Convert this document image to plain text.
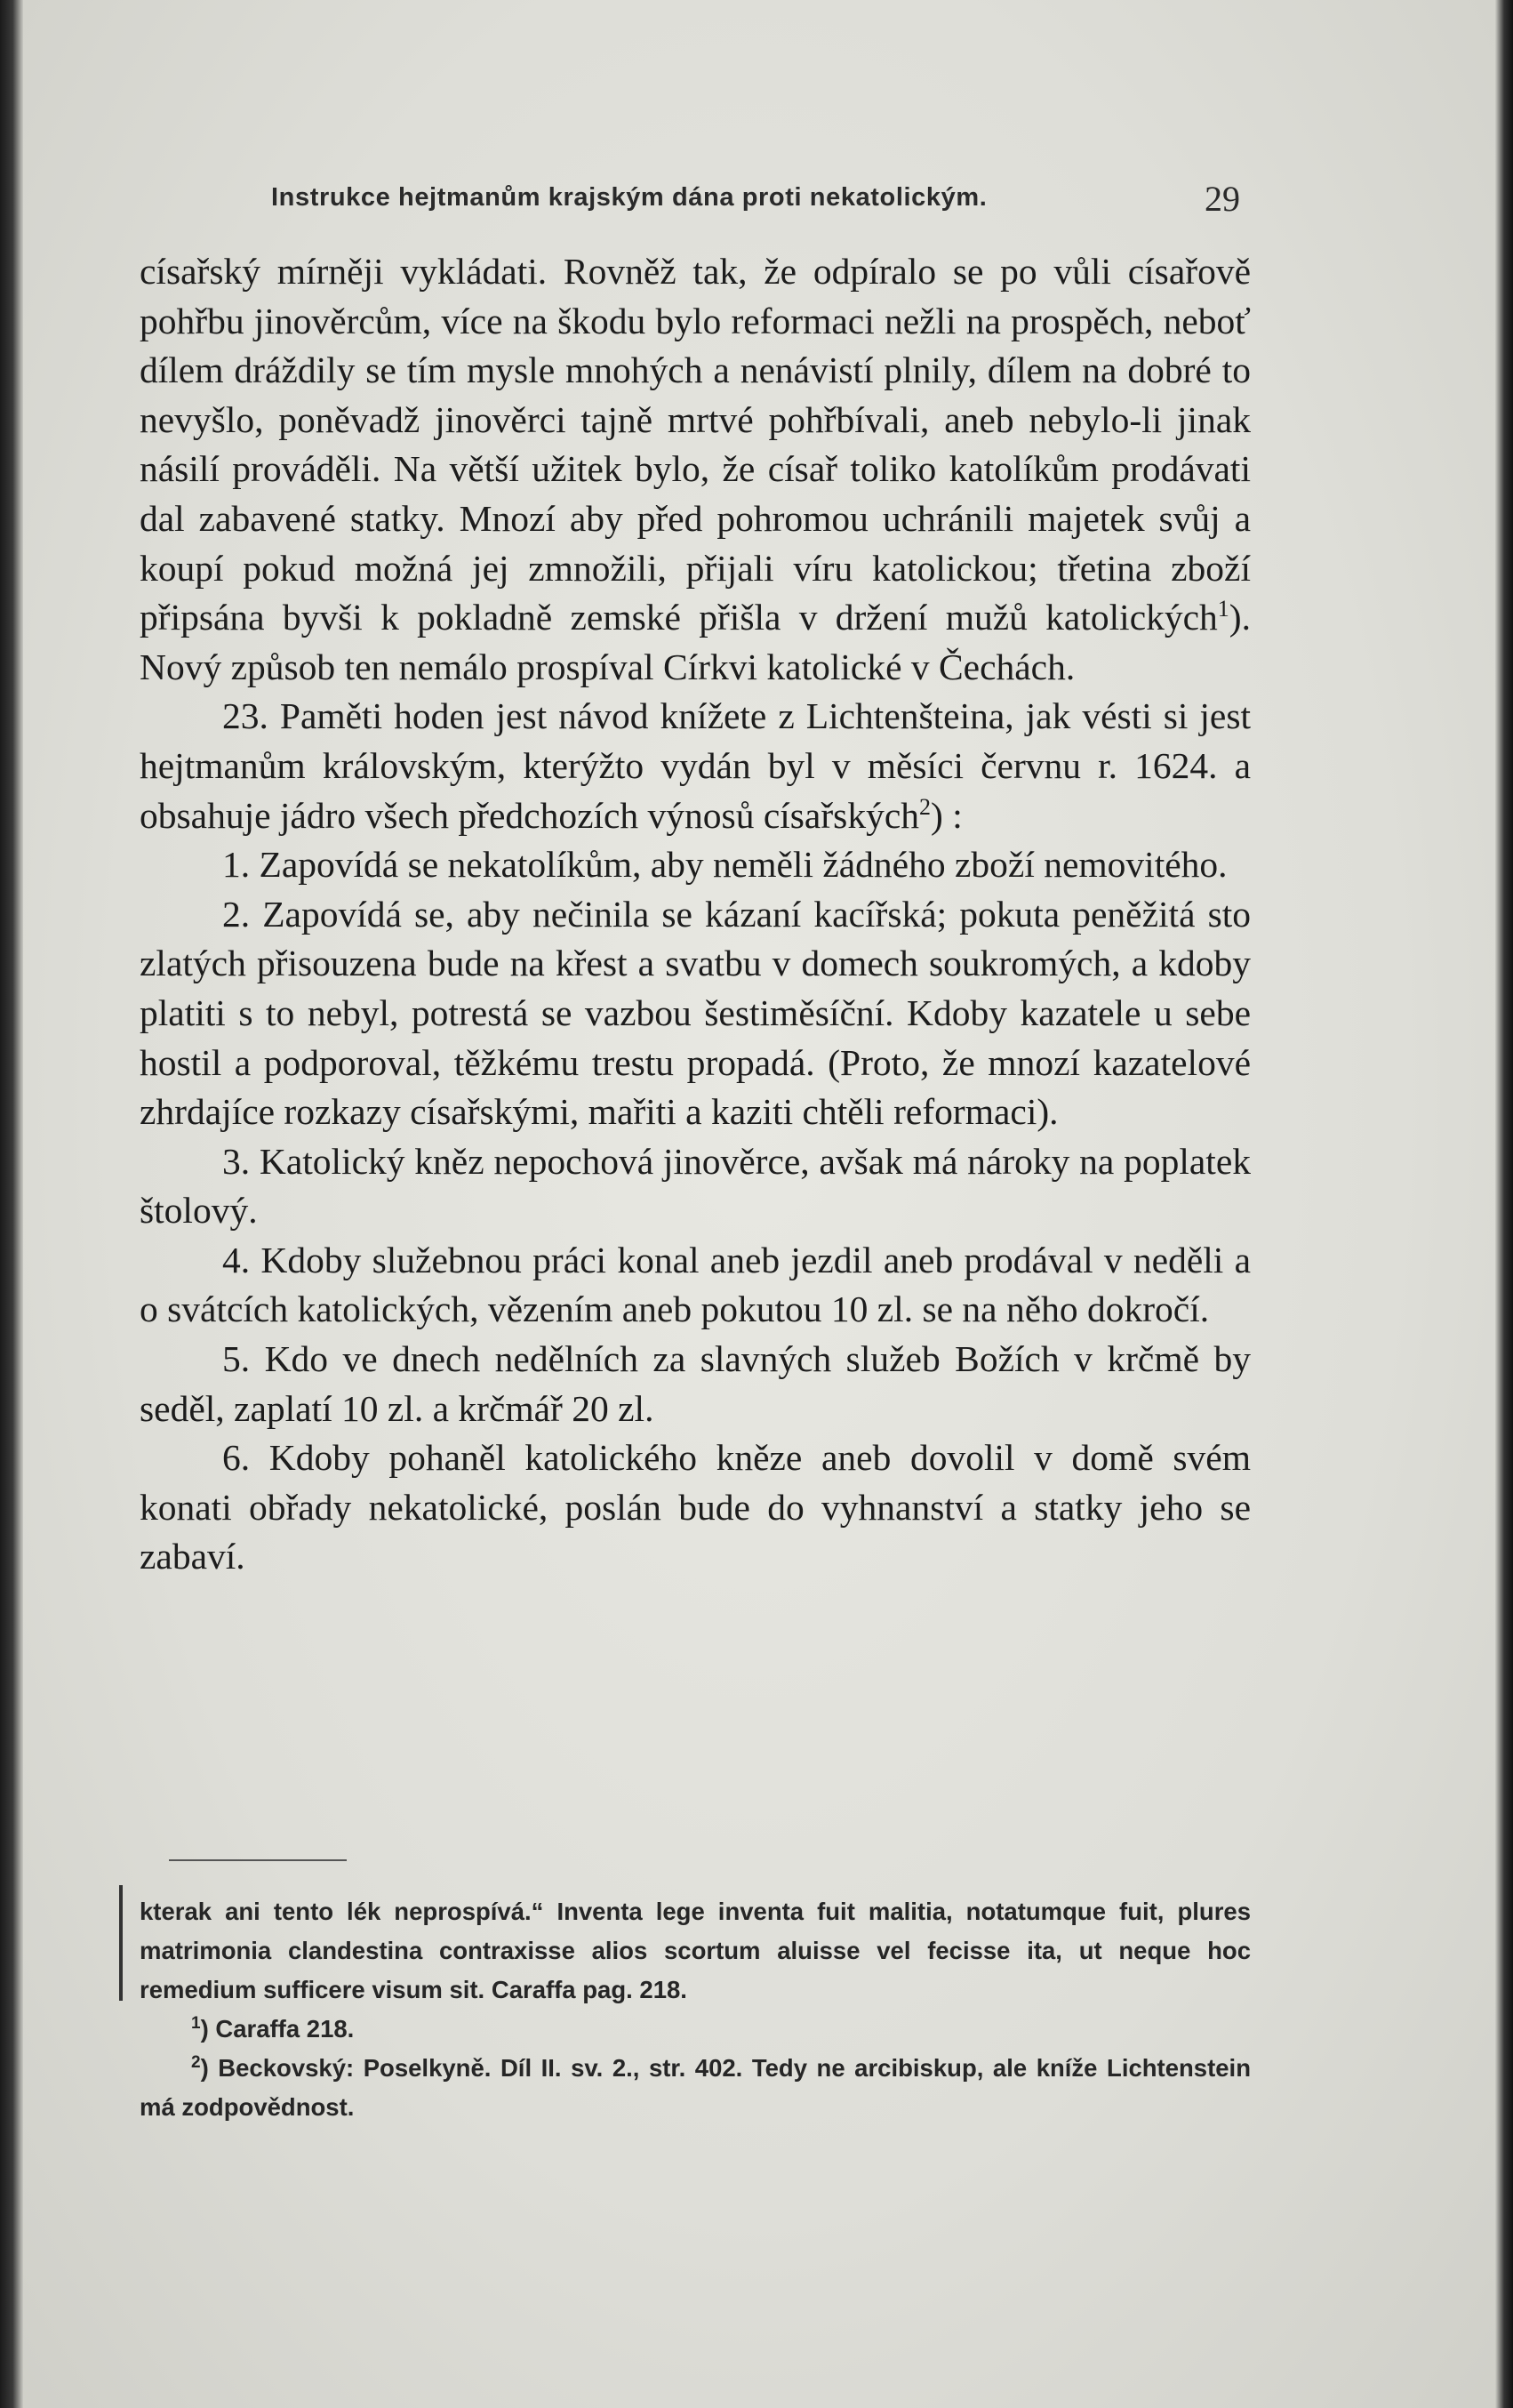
Instrukce hejtmanům krajským dána proti nekatolickým.	29

císařský mírněji vykládati. Rovněž tak, že odpíralo se po vůli císařově pohřbu jinověrcům, více na škodu bylo reformaci nežli na prospěch, neboť dílem dráždily se tím mysle mnohých a nenávistí plnily, dílem na dobré to nevyšlo, poněvadž jinověrci tajně mrtvé pohřbívali, aneb nebylo-li jinak násilí prováděli. Na větší užitek bylo, že císař toliko katolíkům prodávati dal zabavené statky. Mnozí aby před pohromou uchránili majetek svůj a koupí pokud možná jej zmnožili, přijali víru katolickou; třetina zboží připsána byvši k pokladně zemské přišla v držení mužů katolických$^1$). Nový způsob ten nemálo prospíval Církvi katolické v Čechách.

23. Paměti hoden jest návod knížete z Lichtenšteina, jak vésti si jest hejtmanům královským, kterýžto vydán byl v měsíci červnu r. 1624. a obsahuje jádro všech předchozích výnosů císařských$^2$) :

1. Zapovídá se nekatolíkům, aby neměli žádného zboží nemovitého.

2. Zapovídá se, aby nečinila se kázaní kacířská; pokuta peněžitá sto zlatých přisouzena bude na křest a svatbu v domech soukromých, a kdoby platiti s to nebyl, potrestá se vazbou šestiměsíční. Kdoby kazatele u sebe hostil a podporoval, těžkému trestu propadá. (Proto, že mnozí kazatelové zhrdajíce rozkazy císařskými, mařiti a kaziti chtěli reformaci).

3. Katolický kněz nepochová jinověrce, avšak má nároky na poplatek štolový.

4. Kdoby služebnou práci konal aneb jezdil aneb prodával v neděli a o svátcích katolických, vězením aneb pokutou 10 zl. se na něho dokročí.

5. Kdo ve dnech nedělních za slavných služeb Božích v krčmě by seděl, zaplatí 10 zl. a krčmář 20 zl.

6. Kdoby pohaněl katolického kněze aneb dovolil v domě svém konati obřady nekatolické, poslán bude do vyhnanství a statky jeho se zabaví.

kterak ani tento lék neprospívá.“ Inventa lege inventa fuit malitia, notatumque fuit, plures matrimonia clandestina contraxisse alios scortum aluisse vel fecisse ita, ut neque hoc remedium sufficere visum sit. Caraffa pag. 218.

$^1$) Caraffa 218.

$^2$) Beckovský: Poselkyně. Díl II. sv. 2., str. 402. Tedy ne arcibiskup, ale kníže Lichtenstein má zodpovědnost.
